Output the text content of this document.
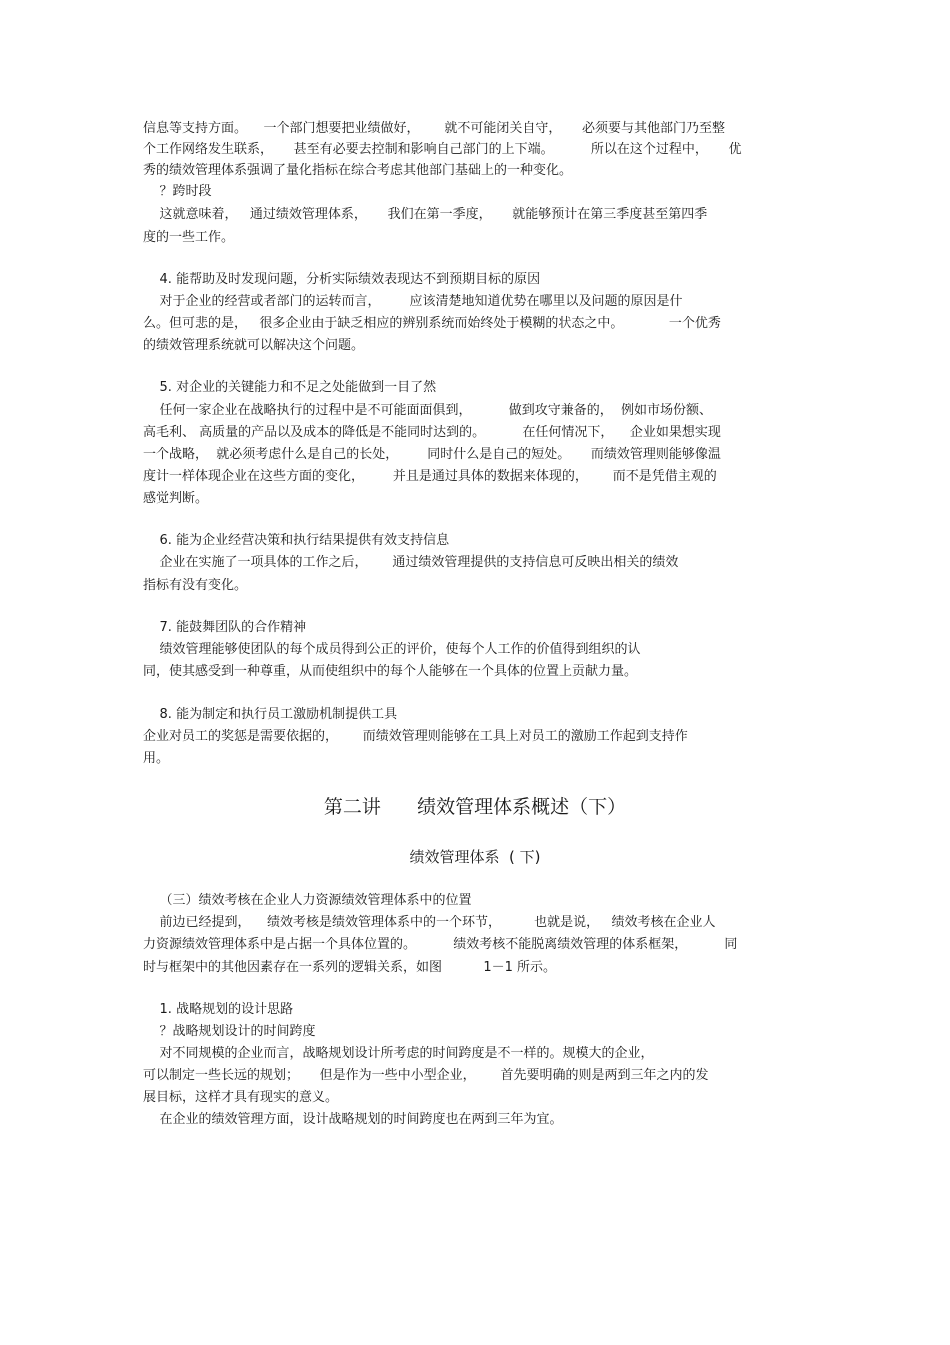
信息等支持方面。    一个部门想要把业绩做好，      就不可能闭关自守，     必须要与其他部门乃至整

个工作网络发生联系，     甚至有必要去控制和影响自己部门的上下端。         所以在这个过程中，     优

秀的绩效管理体系强调了量化指标在综合考虑其他部门基础上的一种变化。

？跨时段

这就意味着，   通过绩效管理体系，     我们在第一季度，     就能够预计在第三季度甚至第四季

度的一些工作。

4. 能帮助及时发现问题，分析实际绩效表现达不到预期目标的原因

对于企业的经营或者部门的运转而言，       应该清楚地知道优势在哪里以及问题的原因是什

么。但可悲的是，   很多企业由于缺乏相应的辨别系统而始终处于模糊的状态之中。           一个优秀

的绩效管理系统就可以解决这个问题。

5. 对企业的关键能力和不足之处能做到一目了然

任何一家企业在战略执行的过程中是不可能面面俱到，         做到攻守兼备的，  例如市场份额、

高毛利、 高质量的产品以及成本的降低是不能同时达到的。         在任何情况下，    企业如果想实现

一个战略，  就必须考虑什么是自己的长处，       同时什么是自己的短处。     而绩效管理则能够像温

度计一样体现企业在这些方面的变化，       并且是通过具体的数据来体现的，      而不是凭借主观的

感觉判断。

6. 能为企业经营决策和执行结果提供有效支持信息

企业在实施了一项具体的工作之后，      通过绩效管理提供的支持信息可反映出相关的绩效

指标有没有变化。

7. 能鼓舞团队的合作精神

绩效管理能够使团队的每个成员得到公正的评价，使每个人工作的价值得到组织的认

同，使其感受到一种尊重，从而使组织中的每个人能够在一个具体的位置上贡献力量。

8. 能为制定和执行员工激励机制提供工具

企业对员工的奖惩是需要依据的，      而绩效管理则能够在工具上对员工的激励工作起到支持作

用。

第二讲      绩效管理体系概述（下）
绩效管理体系  ( 下)

（三）绩效考核在企业人力资源绩效管理体系中的位置

前边已经提到，    绩效考核是绩效管理体系中的一个环节，        也就是说，   绩效考核在企业人

力资源绩效管理体系中是占据一个具体位置的。         绩效考核不能脱离绩效管理的体系框架，         同

时与框架中的其他因素存在一系列的逻辑关系，如图          1－1 所示。

1. 战略规划的设计思路

？战略规划设计的时间跨度

对不同规模的企业而言，战略规划设计所考虑的时间跨度是不一样的。规模大的企业，

可以制定一些长远的规划；     但是作为一些中小型企业，      首先要明确的则是两到三年之内的发

展目标，这样才具有现实的意义。

在企业的绩效管理方面，设计战略规划的时间跨度也在两到三年为宜。
